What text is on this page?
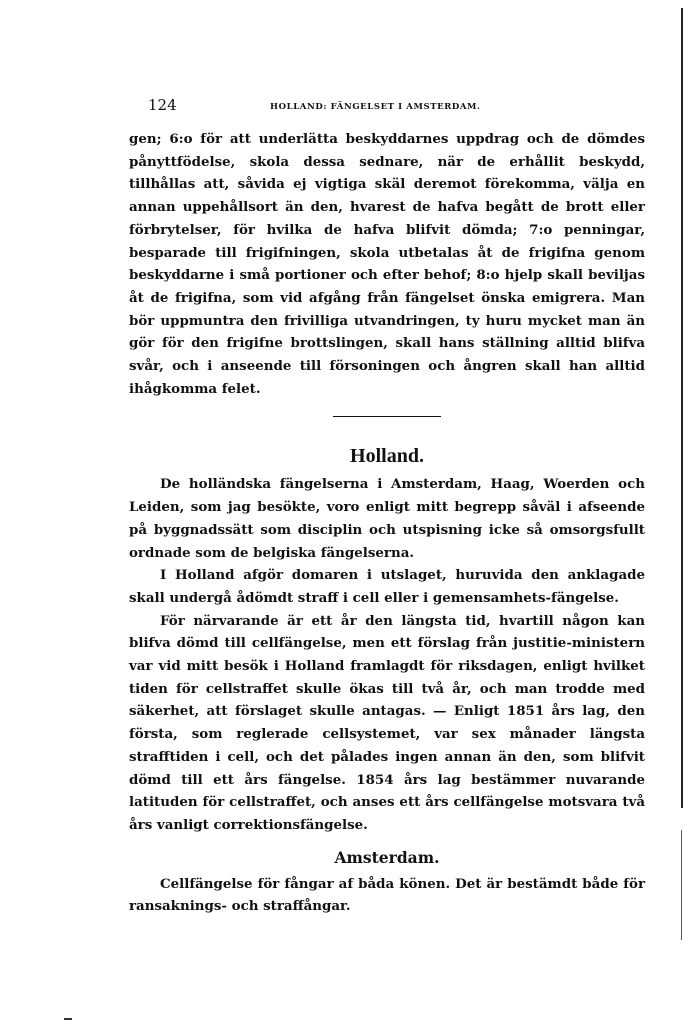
124	HOLLAND: FÄNGELSET I AMSTERDAM.

gen; 6:o för att underlätta beskyddarnes uppdrag och de dömdes pånyttfödelse, skola dessa sednare, när de erhållit beskydd, tillhållas att, såvida ej vigtiga skäl deremot förekomma, välja en annan uppehållsort än den, hvarest de hafva begått de brott eller förbrytelser, för hvilka de hafva blifvit dömda; 7:o penningar, besparade till frigifningen, skola utbetalas åt de frigifna genom beskyddarne i små portioner och efter behof; 8:o hjelp skall beviljas åt de frigifna, som vid afgång från fängelset önska emigrera. Man bör uppmuntra den frivilliga utvandringen, ty huru mycket man än gör för den frigifne brottslingen, skall hans ställning alltid blifva svår, och i anseende till försoningen och ångren skall han alltid ihågkomma felet.

Holland.

De holländska fängelserna i Amsterdam, Haag, Woerden och Leiden, som jag besökte, voro enligt mitt begrepp såväl i afseende på byggnadssätt som disciplin och utspisning icke så omsorgsfullt ordnade som de belgiska fängelserna.

I Holland afgör domaren i utslaget, huruvida den anklagade skall undergå ådömdt straff i cell eller i gemensamhets-fängelse.

För närvarande är ett år den längsta tid, hvartill någon kan blifva dömd till cellfängelse, men ett förslag från justitie-ministern var vid mitt besök i Holland framlagdt för riksdagen, enligt hvilket tiden för cellstraffet skulle ökas till två år, och man trodde med säkerhet, att förslaget skulle antagas. — Enligt 1851 års lag, den första, som reglerade cellsystemet, var sex månader längsta strafftiden i cell, och det pålades ingen annan än den, som blifvit dömd till ett års fängelse. 1854 års lag bestämmer nuvarande latituden för cellstraffet, och anses ett års cellfängelse motsvara två års vanligt correktionsfängelse.

Amsterdam.

Cellfängelse för fångar af båda könen. Det är bestämdt både för ransaknings- och straffångar.
